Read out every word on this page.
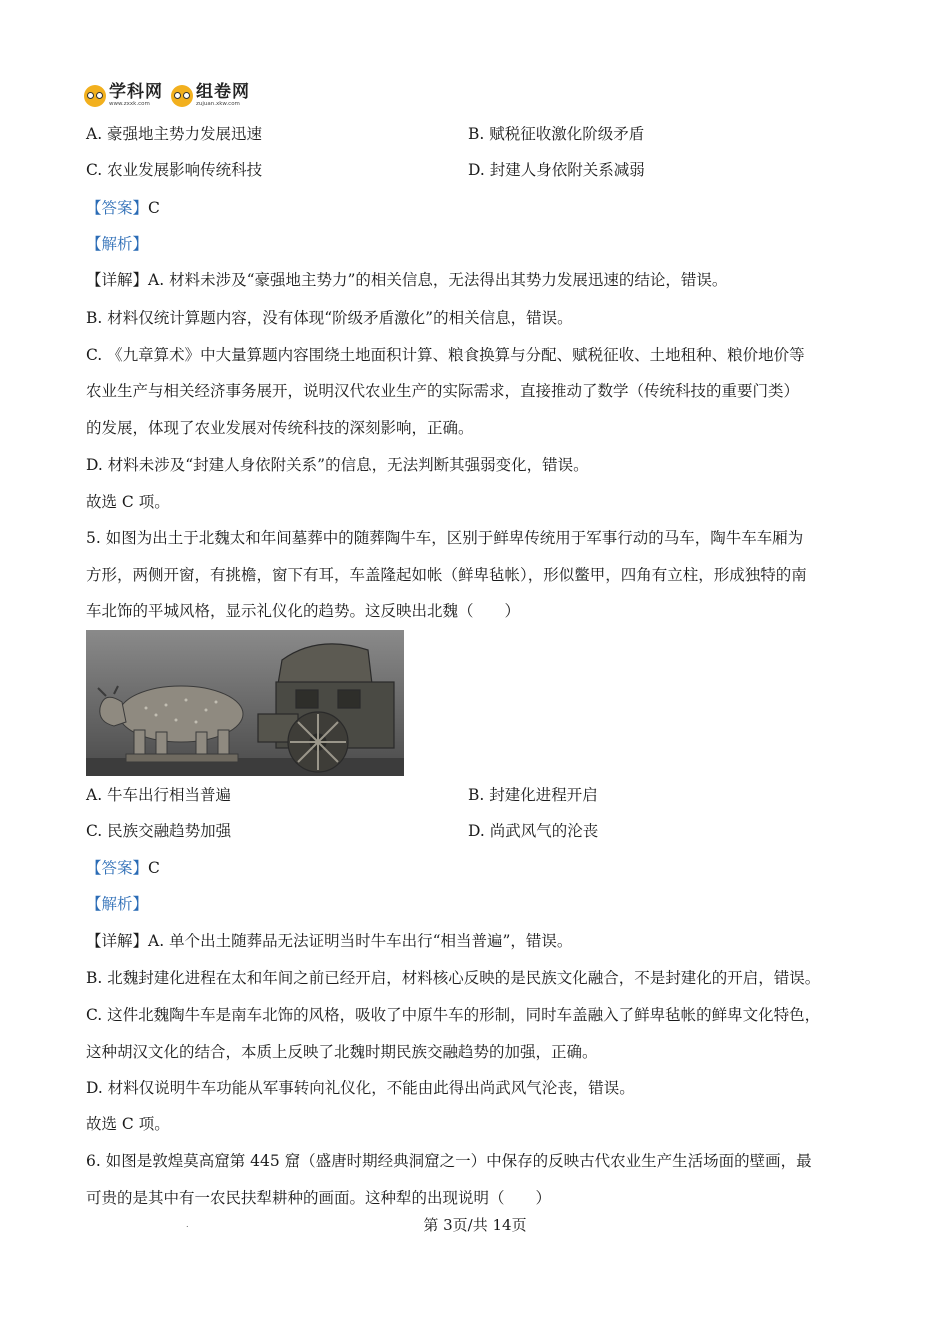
学科网
www.zxxk.com
组卷网
zujuan.xkw.com
A. 豪强地主势力发展迅速	B. 赋税征收激化阶级矛盾
C. 农业发展影响传统科技	D. 封建人身依附关系减弱
【答案】C
【解析】
【详解】A. 材料未涉及“豪强地主势力”的相关信息，无法得出其势力发展迅速的结论，错误。
B. 材料仅统计算题内容，没有体现“阶级矛盾激化”的相关信息，错误。
C. 《九章算术》中大量算题内容围绕土地面积计算、粮食换算与分配、赋税征收、土地租种、粮价地价等
农业生产与相关经济事务展开，说明汉代农业生产的实际需求，直接推动了数学（传统科技的重要门类）
的发展，体现了农业发展对传统科技的深刻影响，正确。
D. 材料未涉及“封建人身依附关系”的信息，无法判断其强弱变化，错误。
故选 C 项。
5. 如图为出土于北魏太和年间墓葬中的随葬陶牛车，区别于鲜卑传统用于军事行动的马车，陶牛车车厢为
方形，两侧开窗，有挑檐，窗下有耳，车盖隆起如帐（鲜卑毡帐），形似鳖甲，四角有立柱，形成独特的南
车北饰的平城风格，显示礼仪化的趋势。这反映出北魏（　　）
A. 牛车出行相当普遍	B. 封建化进程开启
C. 民族交融趋势加强	D. 尚武风气的沦丧
【答案】C
【解析】
【详解】A. 单个出土随葬品无法证明当时牛车出行“相当普遍”，错误。
B. 北魏封建化进程在太和年间之前已经开启，材料核心反映的是民族文化融合，不是封建化的开启，错误。
C. 这件北魏陶牛车是南车北饰的风格，吸收了中原牛车的形制，同时车盖融入了鲜卑毡帐的鲜卑文化特色，
这种胡汉文化的结合，本质上反映了北魏时期民族交融趋势的加强，正确。
D. 材料仅说明牛车功能从军事转向礼仪化，不能由此得出尚武风气沦丧，错误。
故选 C 项。
6. 如图是敦煌莫高窟第 445 窟（盛唐时期经典洞窟之一）中保存的反映古代农业生产生活场面的壁画，最
可贵的是其中有一农民扶犁耕种的画面。这种犁的出现说明（　　）
.	第 3页/共 14页
